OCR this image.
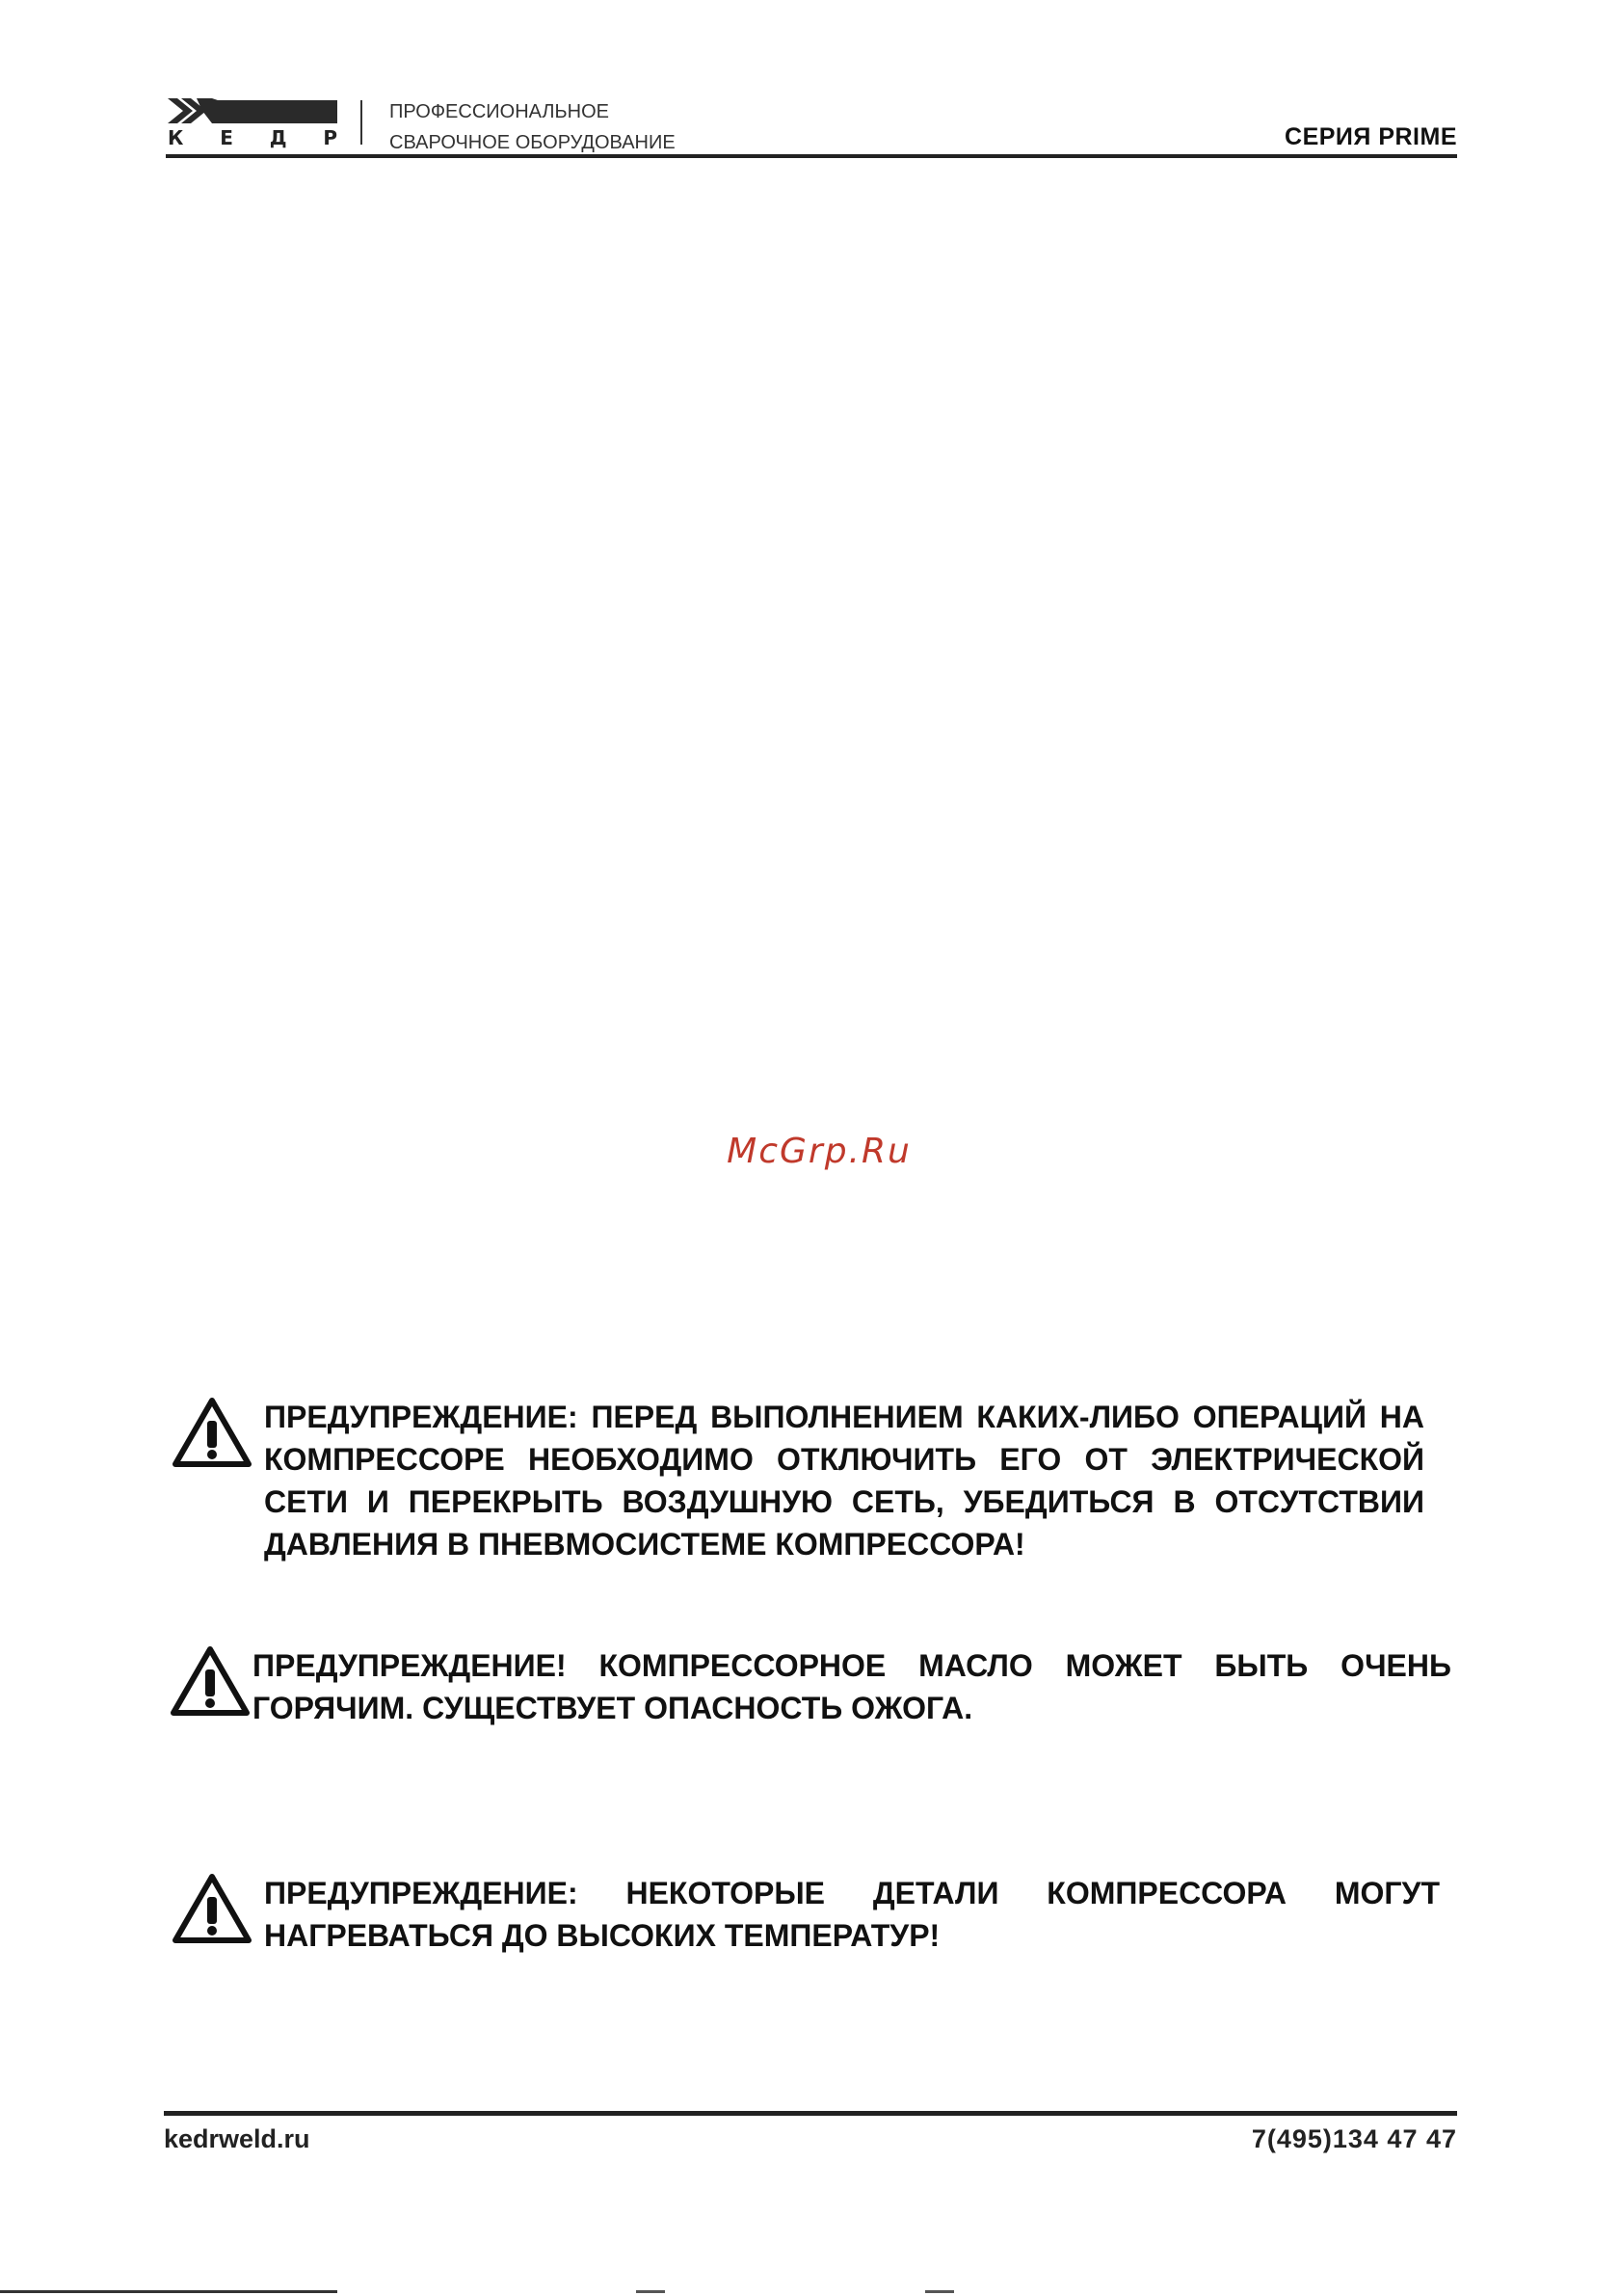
К Е Д Р
ПРОФЕССИОНАЛЬНОЕ
СВАРОЧНОЕ ОБОРУДОВАНИЕ	СЕРИЯ PRIME
McGrp.Ru
ПРЕДУПРЕЖДЕНИЕ: ПЕРЕД ВЫПОЛНЕНИЕМ КАКИХ-ЛИБО ОПЕРАЦИЙ НА КОМПРЕССОРЕ НЕОБХОДИМО ОТКЛЮЧИТЬ ЕГО ОТ ЭЛЕКТРИЧЕСКОЙ СЕТИ И ПЕРЕКРЫТЬ ВОЗДУШНУЮ СЕТЬ, УБЕДИТЬСЯ В ОТСУТСТВИИ ДАВЛЕНИЯ В ПНЕВМОСИСТЕМЕ КОМПРЕССОРА!
ПРЕДУПРЕЖДЕНИЕ! КОМПРЕССОРНОЕ МАСЛО МОЖЕТ БЫТЬ ОЧЕНЬ ГОРЯЧИМ. СУЩЕСТВУЕТ ОПАСНОСТЬ ОЖОГА.
ПРЕДУПРЕЖДЕНИЕ: НЕКОТОРЫЕ ДЕТАЛИ КОМПРЕССОРА МОГУТ НАГРЕВАТЬСЯ ДО ВЫСОКИХ ТЕМПЕРАТУР!
kedrweld.ru	7(495)134 47 47
